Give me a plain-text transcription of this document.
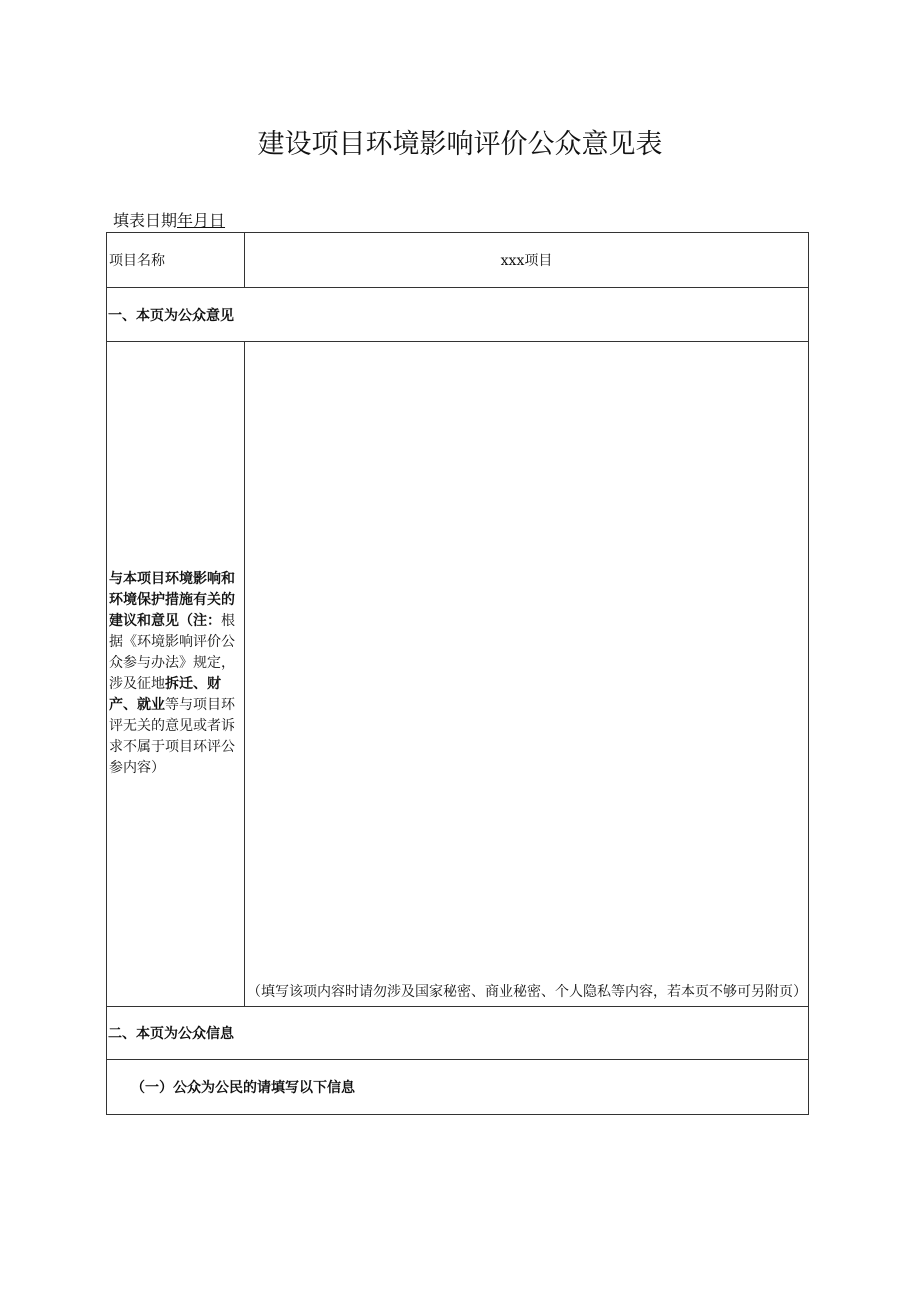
建设项目环境影响评价公众意见表
填表日期年月日
项目名称	xxx项目
一、本页为公众意见	
与本项目环境影响和环境保护措施有关的建议和意见（注：根据《环境影响评价公众参与办法》规定，涉及征地拆迁、财产、就业等与项目环评无关的意见或者诉求不属于项目环评公参内容）	（填写该项内容时请勿涉及国家秘密、商业秘密、个人隐私等内容，若本页不够可另附页）

二、本页为公众信息	
（一）公众为公民的请填写以下信息	
